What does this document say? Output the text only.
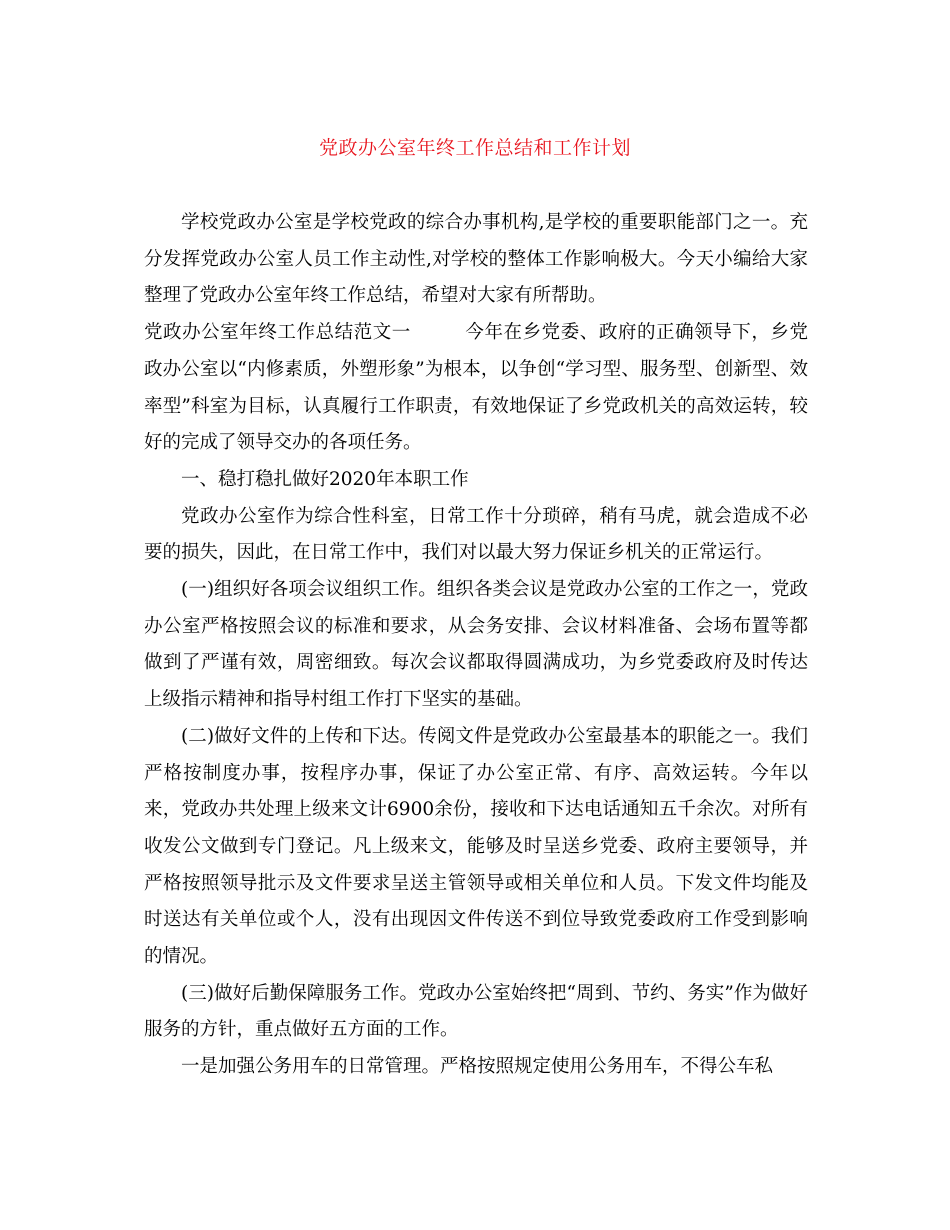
党政办公室年终工作总结和工作计划

学校党政办公室是学校党政的综合办事机构,是学校的重要职能部门之一。充分发挥党政办公室人员工作主动性,对学校的整体工作影响极大。今天小编给大家整理了党政办公室年终工作总结，希望对大家有所帮助。

党政办公室年终工作总结范文一	今年在乡党委、政府的正确领导下，乡党政办公室以“内修素质，外塑形象”为根本，以争创“学习型、服务型、创新型、效率型”科室为目标，认真履行工作职责，有效地保证了乡党政机关的高效运转，较好的完成了领导交办的各项任务。

一、稳打稳扎做好2020年本职工作

党政办公室作为综合性科室，日常工作十分琐碎，稍有马虎，就会造成不必要的损失，因此，在日常工作中，我们对以最大努力保证乡机关的正常运行。

(一)组织好各项会议组织工作。组织各类会议是党政办公室的工作之一，党政办公室严格按照会议的标准和要求，从会务安排、会议材料准备、会场布置等都做到了严谨有效，周密细致。每次会议都取得圆满成功，为乡党委政府及时传达上级指示精神和指导村组工作打下坚实的基础。

(二)做好文件的上传和下达。传阅文件是党政办公室最基本的职能之一。我们严格按制度办事，按程序办事，保证了办公室正常、有序、高效运转。今年以来，党政办共处理上级来文计6900余份，接收和下达电话通知五千余次。对所有收发公文做到专门登记。凡上级来文，能够及时呈送乡党委、政府主要领导，并严格按照领导批示及文件要求呈送主管领导或相关单位和人员。下发文件均能及时送达有关单位或个人，没有出现因文件传送不到位导致党委政府工作受到影响的情况。

(三)做好后勤保障服务工作。党政办公室始终把“周到、节约、务实”作为做好服务的方针，重点做好五方面的工作。

一是加强公务用车的日常管理。严格按照规定使用公务用车，不得公车私
